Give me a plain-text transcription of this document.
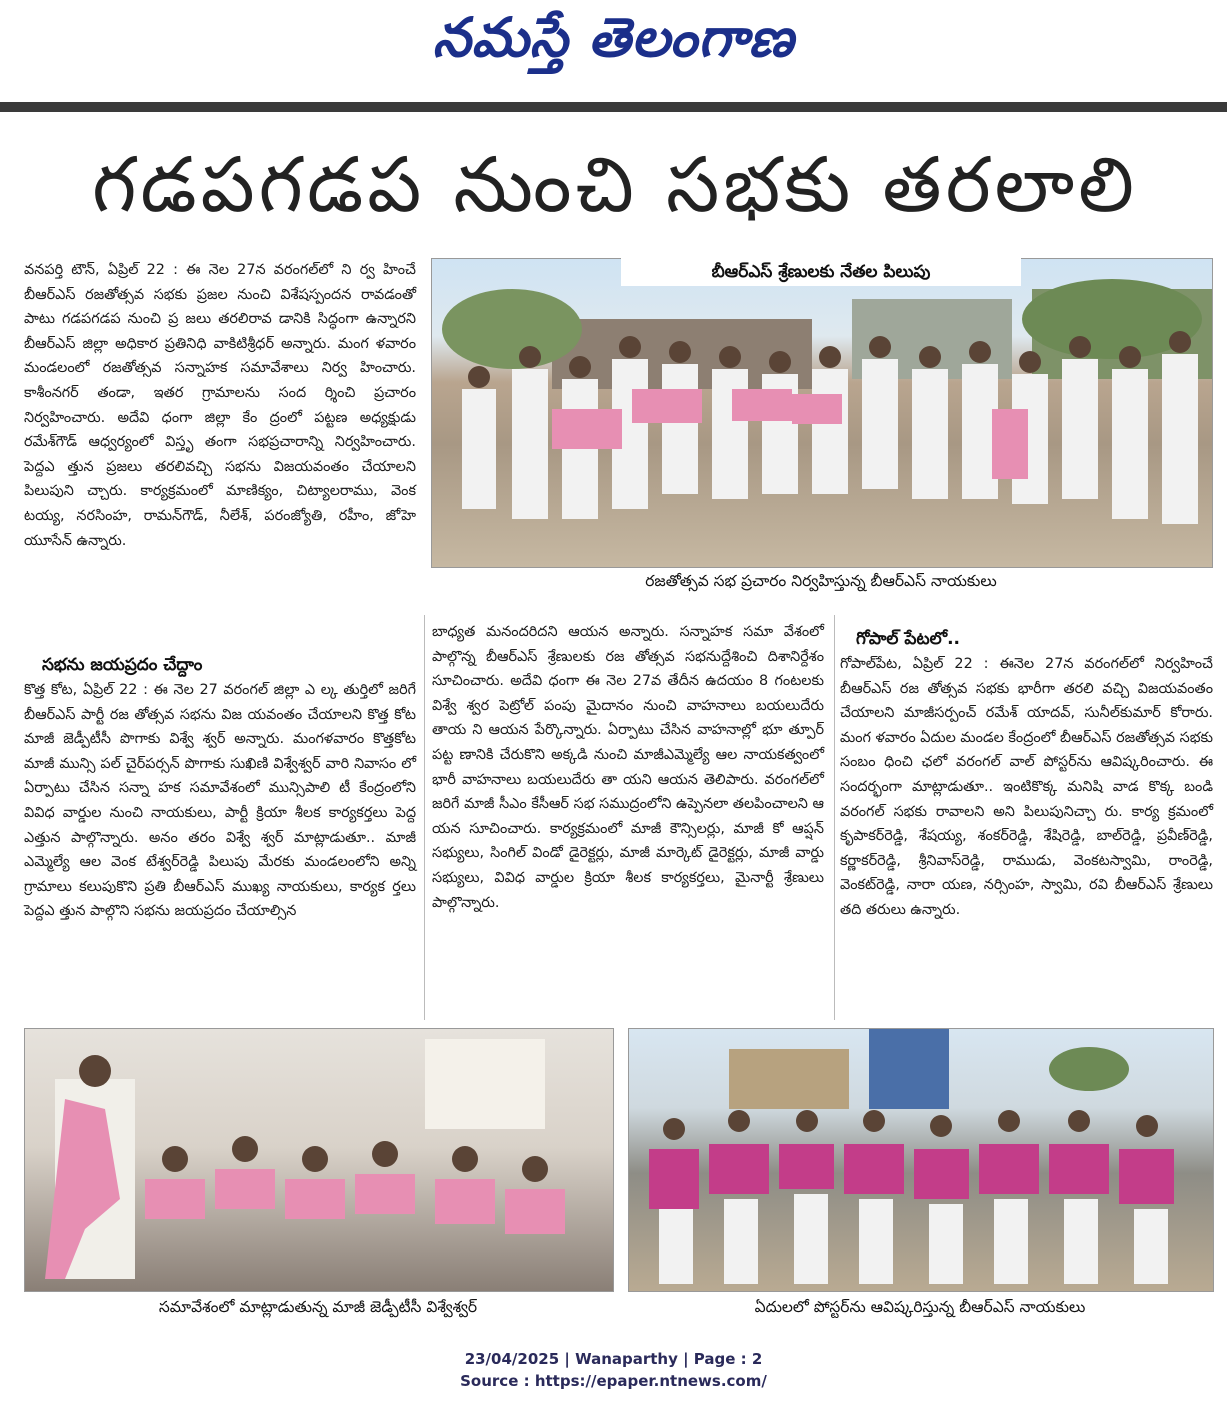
నమస్తే తెలంగాణ
గడపగడప నుంచి సభకు తరలాలి
బీఆర్ఎస్ శ్రేణులకు నేతల పిలుపు
రజతోత్సవ సభ ప్రచారం నిర్వహిస్తున్న బీఆర్ఎస్ నాయకులు

వనపర్తి టౌన్, ఏప్రిల్ 22 : ఈ నెల 27న వరంగల్‌లో ని ర్వ హించే బీఆర్ఎస్ రజతోత్సవ సభకు ప్రజల నుంచి విశేషస్పందన రావడంతో పాటు గడపగడప నుంచి ప్ర జలు తరలిరావ డానికి సిద్ధంగా ఉన్నారని బీఆర్ఎస్ జిల్లా అధికార ప్రతినిధి వాకిటిశ్రీధర్ అన్నారు. మంగ ళవారం మండలంలో రజతోత్సవ సన్నాహక సమావేశాలు నిర్వ హించారు. కాశీంనగర్ తండా, ఇతర గ్రామాలను సంద ర్శించి ప్రచారం నిర్వహించారు. అదేవి ధంగా జిల్లా కేం ద్రంలో పట్టణ అధ్యక్షుడు రమేశ్‌గౌడ్ ఆధ్వర్యంలో విస్తృ తంగా సభప్రచారాన్ని నిర్వహించారు. పెద్దఎ త్తున ప్రజలు తరలివచ్చి సభను విజయవంతం చేయాలని పిలుపుని చ్చారు. కార్యక్రమంలో మాణిక్యం, చిట్యాలరాము, వెంక టయ్య, నరసింహ, రామన్‌గౌడ్, నీలేశ్, పరంజ్యోతి, రహీం, జోహె యూసేన్ ఉన్నారు.

సభను జయప్రదం చేద్దాం

కొత్త కోట, ఏప్రిల్ 22 : ఈ నెల 27 వరంగల్ జిల్లా ఎ ల్క తుర్తిలో జరిగే బీఆర్ఎస్ పార్టీ రజ తోత్సవ సభను విజ యవంతం చేయాలని కొత్త కోట మాజీ జెడ్పీటీసీ పొగాకు విశ్వే శ్వర్ అన్నారు. మంగళవారం కొత్తకోట మాజీ మున్సి పల్ చైర్‌పర్సన్ పొగాకు సుఖిణి విశ్వేశ్వర్ వారి నివాసం లో ఏర్పాటు చేసిన సన్నా హక సమావేశంలో మున్సిపాలి టీ కేంద్రంలోని వివిధ వార్డుల నుంచి నాయకులు, పార్టీ క్రియా శీలక కార్యకర్తలు పెద్ద ఎత్తున పాల్గొన్నారు. అనం తరం విశ్వే శ్వర్ మాట్లాడుతూ.. మాజీ ఎమ్మెల్యే ఆల వెంక టేశ్వర్‌రెడ్డి పిలుపు మేరకు మండలంలోని అన్ని గ్రామాలు కలుపుకొని ప్రతి బీఆర్ఎస్ ముఖ్య నాయకులు, కార్యక ర్తలు పెద్దఎ త్తున పాల్గొని సభను జయప్రదం చేయాల్సిన

బాధ్యత మనందరిదని ఆయన అన్నారు. సన్నాహక సమా వేశంలో పాల్గొన్న బీఆర్ఎస్ శ్రేణులకు రజ తోత్సవ సభనుద్దేశించి దిశానిర్దేశం సూచించారు. అదేవి ధంగా ఈ నెల 27వ తేదీన ఉదయం 8 గంటలకు విశ్వే శ్వర పెట్రోల్ పంపు మైదానం నుంచి వాహనాలు బయలుదేరు తాయ ని ఆయన పేర్కొన్నారు. ఏర్పాటు చేసిన వాహనాల్లో భూ త్పూర్ పట్ట ణానికి చేరుకొని అక్కడి నుంచి మాజీఎమ్మెల్యే ఆల నాయకత్వంలో భారీ వాహనాలు బయలుదేరు తా యని ఆయన తెలిపారు. వరంగల్‌లో జరిగే మాజీ సీఎం కేసీఆర్ సభ సముద్రంలోని ఉప్పెనలా తలపించాలని ఆ యన సూచించారు. కార్యక్రమంలో మాజీ కౌన్సిలర్లు, మాజీ కో ఆప్షన్ సభ్యులు, సింగిల్ విండో డైరెక్టర్లు, మాజీ మార్కెట్ డైరెక్టర్లు, మాజీ వార్డు సభ్యులు, వివిధ వార్డుల క్రియా శీలక కార్యకర్తలు, మైనార్టీ శ్రేణులు పాల్గొన్నారు.

గోపాల్ పేటలో..

గోపాల్‌పేట, ఏప్రిల్ 22 : ఈనెల 27న వరంగల్‌లో నిర్వహించే బీఆర్ఎస్ రజ తోత్సవ సభకు భారీగా తరలి వచ్చి విజయవంతం చేయాలని మాజీసర్పంచ్ రమేశ్ యాదవ్, సునీల్‌కుమార్ కోరారు. మంగ ళవారం ఏదుల మండల కేంద్రంలో బీఆర్ఎస్ రజతోత్సవ సభకు సంబం ధించి ఛలో వరంగల్ వాల్ పోస్టర్‌ను ఆవిష్కరించారు. ఈ సందర్భంగా మాట్లాడుతూ.. ఇంటికొక్క మనిషి వాడ కొక్క బండి వరంగల్ సభకు రావాలని అని పిలుపునిచ్చా రు. కార్య క్రమంలో కృపాకర్‌రెడ్డి, శేషయ్య, శంకర్‌రెడ్డి, శేషిరెడ్డి, బాల్‌రెడ్డి, ప్రవీణ్‌రెడ్డి, కర్ణాకర్‌రెడ్డి, శ్రీనివాస్‌రెడ్డి, రాముడు, వెంకటస్వామి, రాంరెడ్డి, వెంకట్‌రెడ్డి, నారా యణ, నర్సింహ, స్వామి, రవి బీఆర్ఎస్ శ్రేణులు తది తరులు ఉన్నారు.

సమావేశంలో మాట్లాడుతున్న మాజీ జెడ్పీటీసీ విశ్వేశ్వర్	ఏదులలో పోస్టర్‌ను ఆవిష్కరిస్తున్న బీఆర్ఎస్ నాయకులు
23/04/2025 | Wanaparthy | Page : 2
Source : https://epaper.ntnews.com/
